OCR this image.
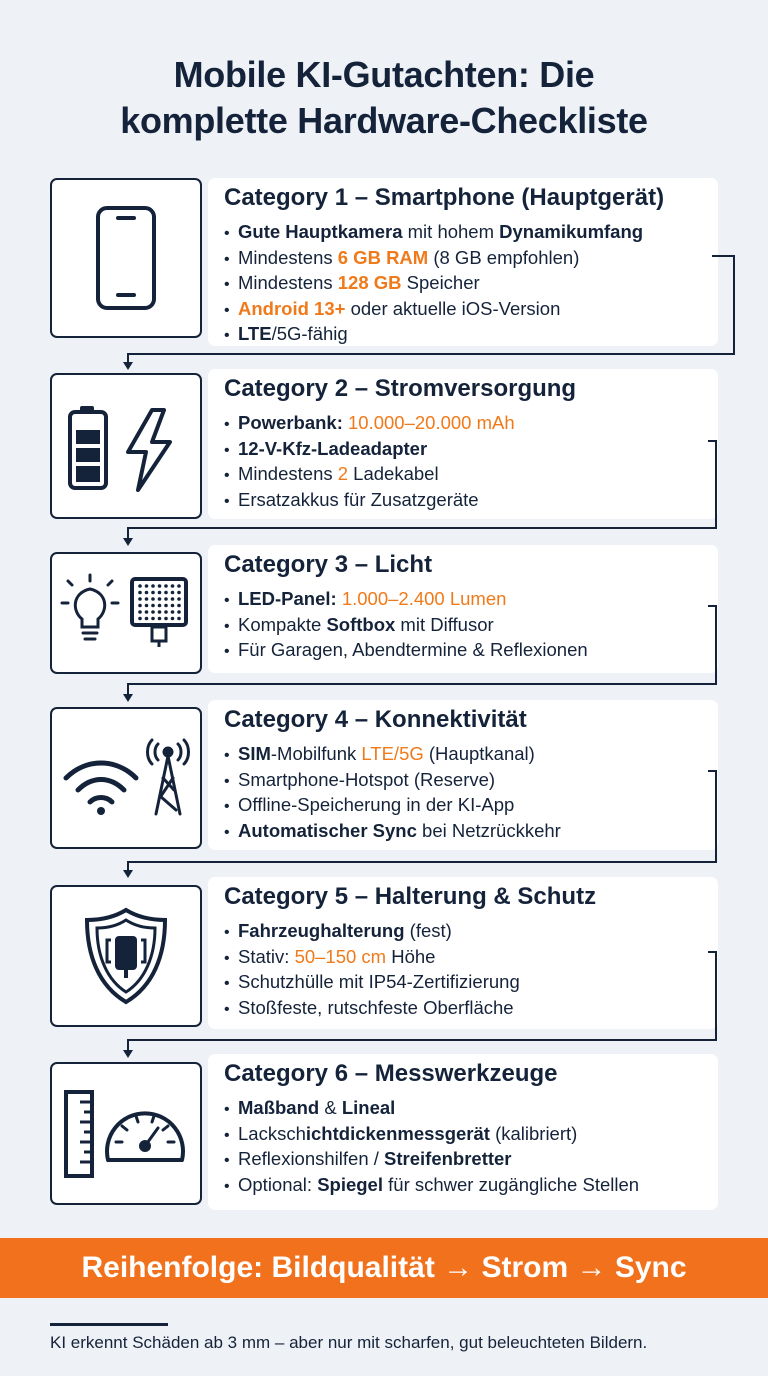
Mobile KI-Gutachten: Die
komplette Hardware-Checkliste
Category 1 – Smartphone (Hauptgerät)
• Gute Hauptkamera mit hohem Dynamikumfang
• Mindestens 6 GB RAM (8 GB empfohlen)
• Mindestens 128 GB Speicher
• Android 13+ oder aktuelle iOS-Version
• LTE/5G-fähig
Category 2 – Stromversorgung
• Powerbank: 10.000–20.000 mAh
• 12-V-Kfz-Ladeadapter
• Mindestens 2 Ladekabel
• Ersatzakkus für Zusatzgeräte
Category 3 – Licht
• LED-Panel: 1.000–2.400 Lumen
• Kompakte Softbox mit Diffusor
• Für Garagen, Abendtermine & Reflexionen
Category 4 – Konnektivität
• SIM-Mobilfunk LTE/5G (Hauptkanal)
• Smartphone-Hotspot (Reserve)
• Offline-Speicherung in der KI-App
• Automatischer Sync bei Netzrückkehr
Category 5 – Halterung & Schutz
• Fahrzeughalterung (fest)
• Stativ: 50–150 cm Höhe
• Schutzhülle mit IP54-Zertifizierung
• Stoßfeste, rutschfeste Oberfläche
Category 6 – Messwerkzeuge
• Maßband & Lineal
• Lackschichtdickenmessgerät (kalibriert)
• Reflexionshilfen / Streifenbretter
• Optional: Spiegel für schwer zugängliche Stellen
Reihenfolge: Bildqualität → Strom → Sync
KI erkennt Schäden ab 3 mm – aber nur mit scharfen, gut beleuchteten Bildern.
